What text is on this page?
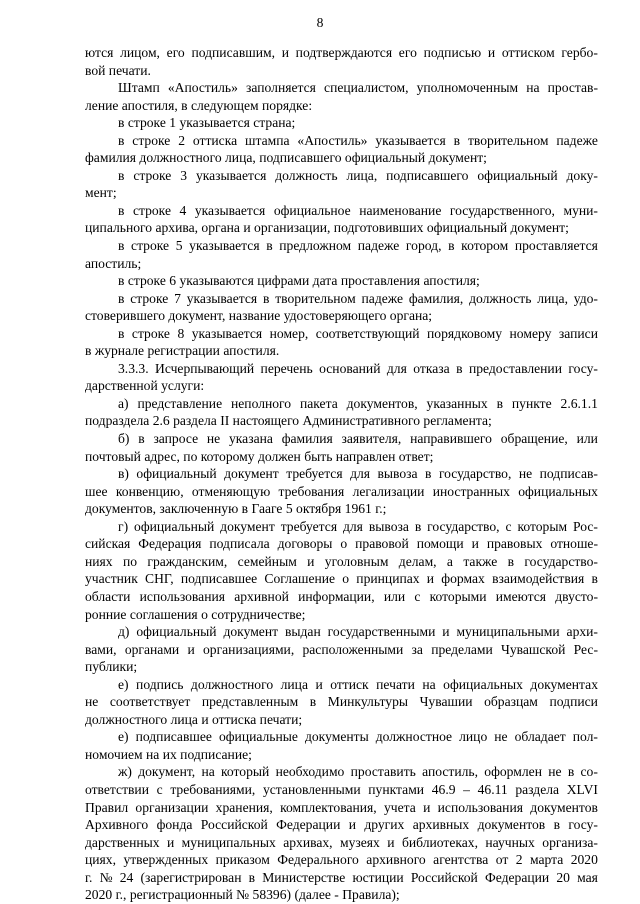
8
ются лицом, его подписавшим, и подтверждаются его подписью и оттиском гербо-
вой печати.
Штамп «Апостиль» заполняется специалистом, уполномоченным на простав-
ление апостиля, в следующем порядке:
в строке 1 указывается страна;
в строке 2 оттиска штампа «Апостиль» указывается в творительном падеже
фамилия должностного лица, подписавшего официальный документ;
в строке 3 указывается должность лица, подписавшего официальный доку-
мент;
в строке 4 указывается официальное наименование государственного, муни-
ципального архива, органа и организации, подготовивших официальный документ;
в строке 5 указывается в предложном падеже город, в котором проставляется
апостиль;
в строке 6 указываются цифрами дата проставления апостиля;
в строке 7 указывается в творительном падеже фамилия, должность лица, удо-
стоверившего документ, название удостоверяющего органа;
в строке 8 указывается номер, соответствующий порядковому номеру записи
в журнале регистрации апостиля.
3.3.3. Исчерпывающий перечень оснований для отказа в предоставлении госу-
дарственной услуги:
а) представление неполного пакета документов, указанных в пункте 2.6.1.1
подраздела 2.6 раздела II настоящего Административного регламента;
б) в запросе не указана фамилия заявителя, направившего обращение, или
почтовый адрес, по которому должен быть направлен ответ;
в) официальный документ требуется для вывоза в государство, не подписав-
шее конвенцию, отменяющую требования легализации иностранных официальных
документов, заключенную в Гааге 5 октября 1961 г.;
г) официальный документ требуется для вывоза в государство, с которым Рос-
сийская Федерация подписала договоры о правовой помощи и правовых отноше-
ниях по гражданским, семейным и уголовным делам, а также в государство-
участник СНГ, подписавшее Соглашение о принципах и формах взаимодействия в
области использования архивной информации, или с которыми имеются двусто-
ронние соглашения о сотрудничестве;
д) официальный документ выдан государственными и муниципальными архи-
вами, органами и организациями, расположенными за пределами Чувашской Рес-
публики;
е) подпись должностного лица и оттиск печати на официальных документах
не соответствует представленным в Минкультуры Чувашии образцам подписи
должностного лица и оттиска печати;
е) подписавшее официальные документы должностное лицо не обладает пол-
номочием на их подписание;
ж) документ, на который необходимо проставить апостиль, оформлен не в со-
ответствии с требованиями, установленными пунктами 46.9 – 46.11 раздела XLVI
Правил организации хранения, комплектования, учета и использования документов
Архивного фонда Российской Федерации и других архивных документов в госу-
дарственных и муниципальных архивах, музеях и библиотеках, научных организа-
циях, утвержденных приказом Федерального архивного агентства от 2 марта 2020
г. № 24 (зарегистрирован в Министерстве юстиции Российской Федерации 20 мая
2020 г., регистрационный № 58396) (далее - Правила);
